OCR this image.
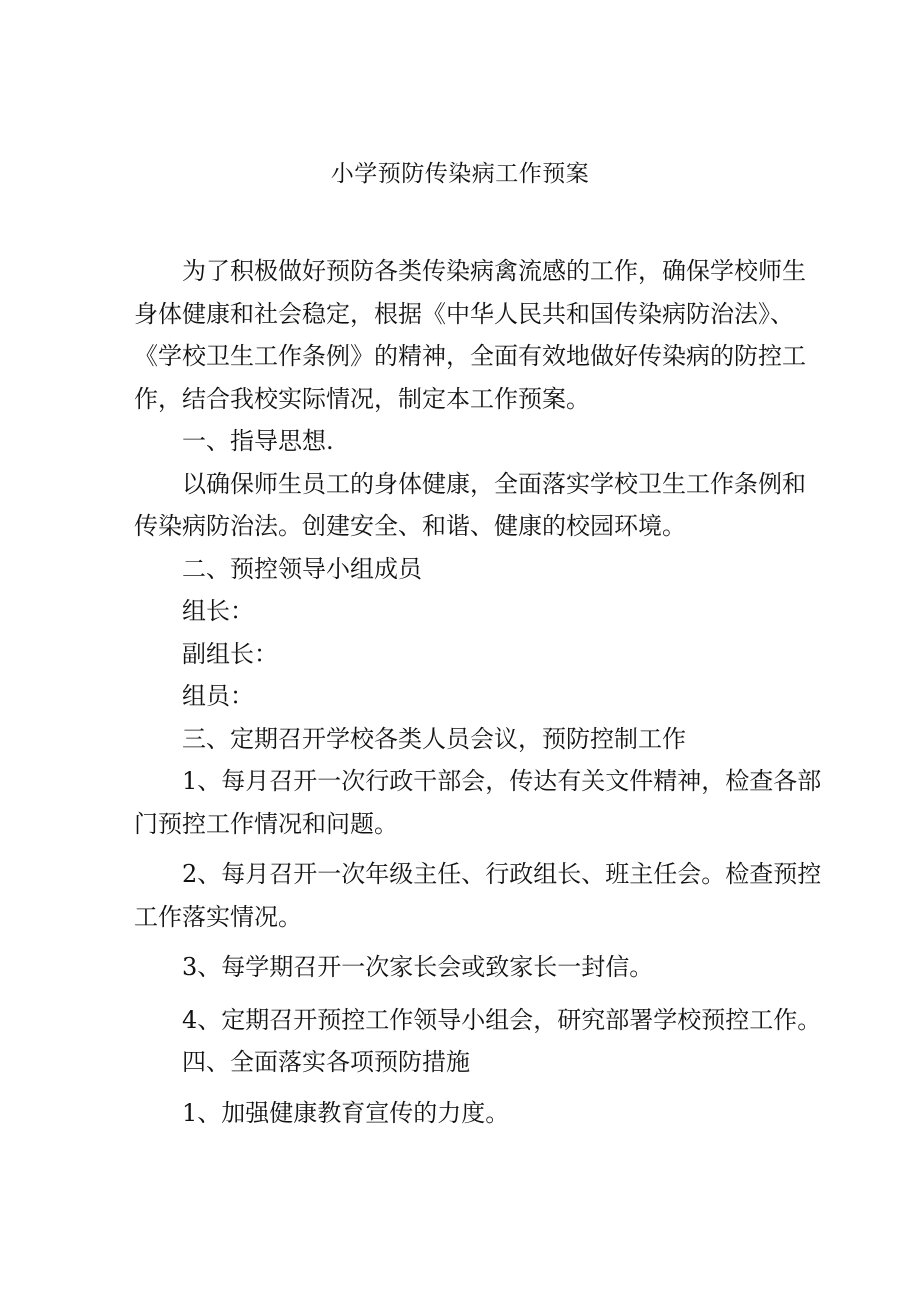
小学预防传染病工作预案

为了积极做好预防各类传染病禽流感的工作，确保学校师生

身体健康和社会稳定，根据《中华人民共和国传染病防治法》、

《学校卫生工作条例》的精神，全面有效地做好传染病的防控工

作，结合我校实际情况，制定本工作预案。

一、指导思想.

以确保师生员工的身体健康，全面落实学校卫生工作条例和

传染病防治法。创建安全、和谐、健康的校园环境。

二、预控领导小组成员

组长：

副组长：

组员：

三、定期召开学校各类人员会议，预防控制工作

1、每月召开一次行政干部会，传达有关文件精神，检查各部

门预控工作情况和问题。

2、每月召开一次年级主任、行政组长、班主任会。检查预控

工作落实情况。

3、每学期召开一次家长会或致家长一封信。

4、定期召开预控工作领导小组会，研究部署学校预控工作。

四、全面落实各项预防措施

1、加强健康教育宣传的力度。
